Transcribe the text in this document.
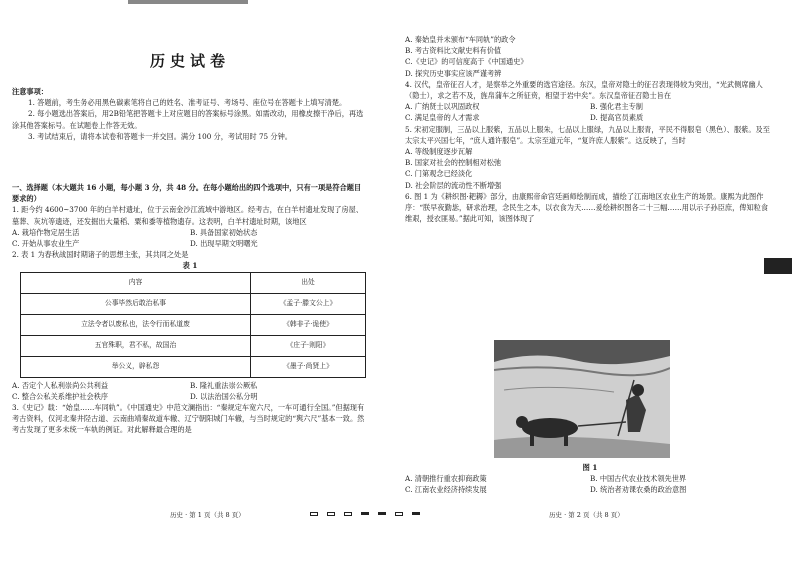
历史试卷

注意事项：

1. 答题前，考生务必用黑色碳素笔将自己的姓名、准考证号、考场号、座位号在答题卡上填写清楚。

2. 每小题选出答案后，用2B铅笔把答题卡上对应题目的答案标号涂黑。如需改动，用橡皮擦干净后，再选涂其他答案标号。在试题卷上作答无效。

3. 考试结束后，请将本试卷和答题卡一并交回。满分 100 分，考试用时 75 分钟。

一、选择题（本大题共 16 小题，每小题 3 分，共 48 分。在每小题给出的四个选项中，只有一项是符合题目要求的）

1. 距今约 4600~3700 年的白羊村遗址，位于云南金沙江流域中游地区。经考古，在白羊村遗址发现了房屋、墓葬、灰坑等遗迹，还发掘出大量稻、粟和黍等植物遗存。这表明，白羊村遗址时期，该地区

A. 栽培作物定居生活	B. 具备国家初始状态
C. 开始从事农业生产	D. 出现早期文明曙光

2. 表 1 为春秋战国时期诸子的思想主张，其共同之处是

表 1

内容	出处
公事毕然后敢治私事	《孟子·滕文公上》
立法令者以废私也，法令行而私道废	《韩非子·诡使》
五官殊职，君不私，故国治	《庄子·则阳》
举公义，辟私怨	《墨子·尚贤上》
A. 否定个人私利崇尚公共利益	B. 隆礼重法崇公厥私
C. 整合公私关系维护社会秩序	D. 以法治国公私分明

3.《史记》载：“始皇……车同轨”。《中国通史》中范文澜指出：“秦规定车宽六尺，一车可通行全国。”但据现有考古资料，仅河北秦井陉古道、云南曲靖秦故道车辙、辽宁朝阳城门车辙，与当时规定的“舆六尺”基本一致。然考古发现了更多未统一车轨的例证。对此解释最合理的是

历史 · 第 1 页（共 8 页）

A. 秦始皇并未颁布“车同轨”的政令

B. 考古资料比文献史料有价值

C.《史记》的可信度高于《中国通史》

D. 探究历史事实应该严谨考辨

4. 汉代，皇帝征召人才，是察举之外重要的选官途径。东汉，皇帝对隐士的征召表现得较为突出，“光武侧席幽人（隐士），求之若不及，旌帛蒲车之所征贲，相望于岩中矣”。东汉皇帝征召隐士旨在

A. 广纳贤士以巩固政权	B. 强化君主专制
C. 满足皇帝的人才需求	D. 提高官员素质

5. 宋初定服制，三品以上服紫，五品以上服朱，七品以上服绿，九品以上服青，平民不得服皂（黑色）、服紫。及至太宗太平兴国七年，“庶人通许服皂”。太宗至道元年，“复许庶人服紫”。这反映了，当时

A. 等级制度逐步瓦解

B. 国家对社会的控制相对松弛

C. 门第观念已经淡化

D. 社会阶层的流动性不断增强

6. 图 1 为《耕织图·耙耨》部分，由康熙帝命宫廷画师绘制而成，描绘了江南地区农业生产的场景。康熙为此图作序：“朕早夜勤毖，研求治理，念民生之本，以衣食为天……爰绘耕织图各二十三幅……用以示子孙臣庶，俾知粒食维艰，授衣匪易。”据此可知，该图体现了

图 1

A. 清朝推行重农抑商政策	B. 中国古代农业技术领先世界
C. 江南农业经济持续发展	D. 统治者劝课农桑的政治意图
历史 · 第 2 页（共 8 页）
